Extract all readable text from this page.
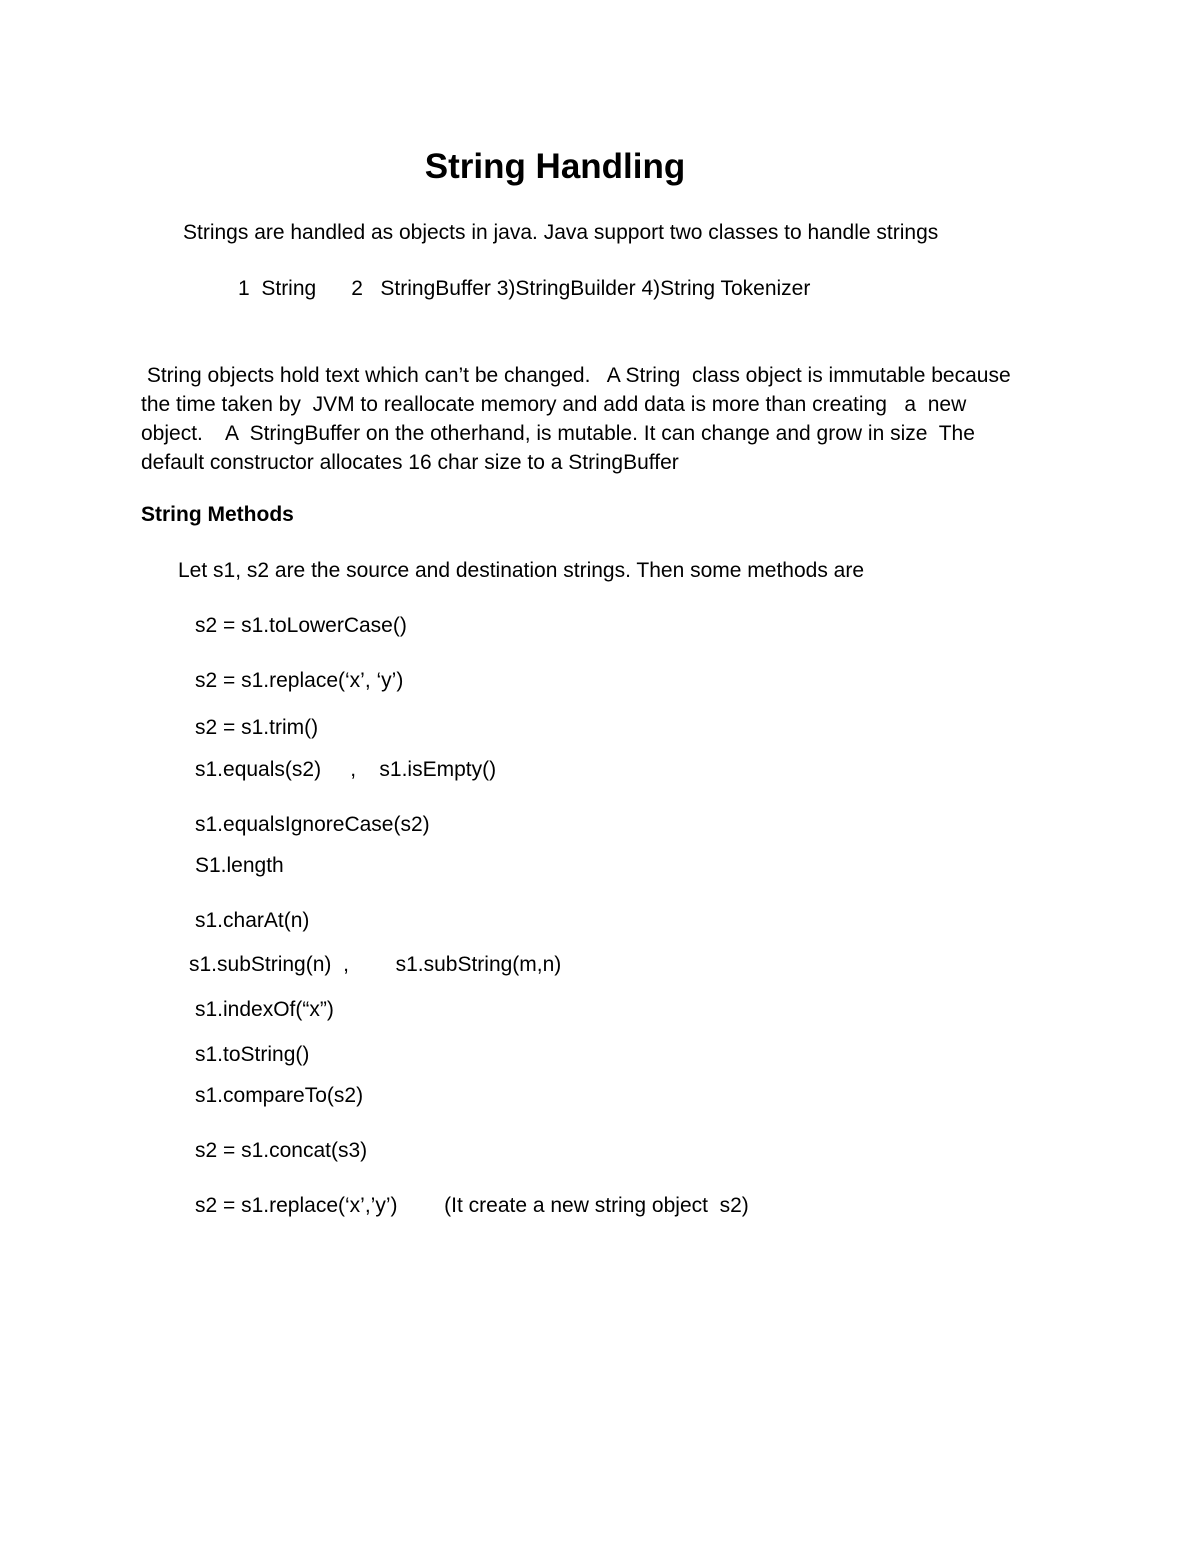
String Handling
Strings are handled as objects in java. Java support two classes to handle strings
1  String      2   StringBuffer 3)StringBuilder 4)String Tokenizer
String objects hold text which can’t be changed.   A String  class object is immutable because
the time taken by  JVM to reallocate memory and add data is more than creating   a  new
object.    A  StringBuffer on the otherhand, is mutable. It can change and grow in size  The
default constructor allocates 16 char size to a StringBuffer
String Methods
Let s1, s2 are the source and destination strings. Then some methods are
s2 = s1.toLowerCase()
s2 = s1.replace(‘x’, ‘y’)
s2 = s1.trim()
s1.equals(s2)     ,    s1.isEmpty()
s1.equalsIgnoreCase(s2)
S1.length
s1.charAt(n)
s1.subString(n)  ,        s1.subString(m,n)
s1.indexOf(“x”)
s1.toString()
s1.compareTo(s2)
s2 = s1.concat(s3)
s2 = s1.replace(‘x’,’y’)        (It create a new string object  s2)
